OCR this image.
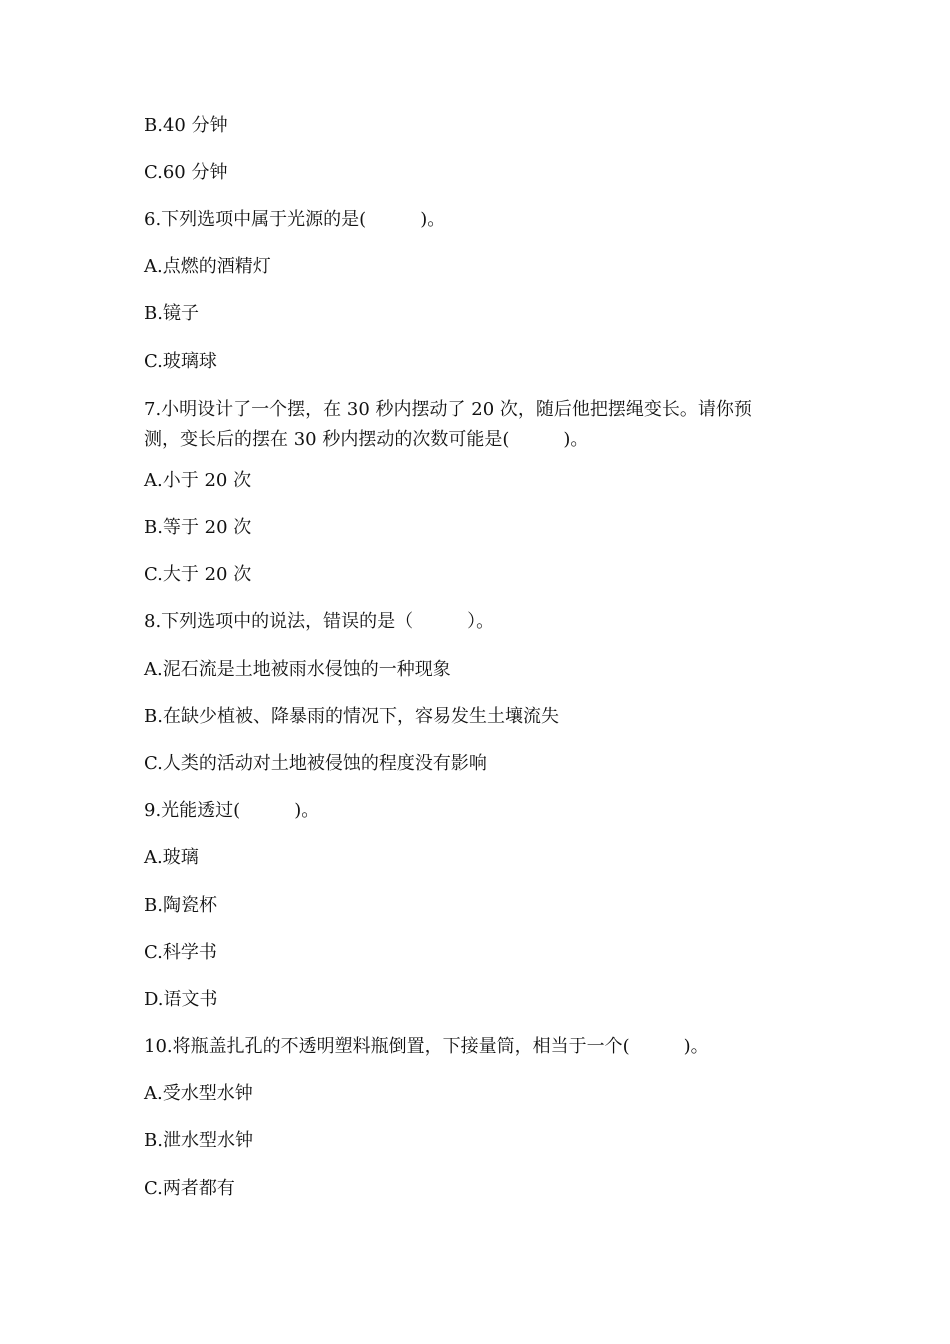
B.40 分钟
C.60 分钟
6.下列选项中属于光源的是(　　　)。
A.点燃的酒精灯
B.镜子
C.玻璃球
7.小明设计了一个摆，在 30 秒内摆动了 20 次，随后他把摆绳变长。请你预
测，变长后的摆在 30 秒内摆动的次数可能是(　　　)。
A.小于 20 次
B.等于 20 次
C.大于 20 次
8.下列选项中的说法，错误的是（　　　）。
A.泥石流是土地被雨水侵蚀的一种现象
B.在缺少植被、降暴雨的情况下，容易发生土壤流失
C.人类的活动对土地被侵蚀的程度没有影响
9.光能透过(　　　)。
A.玻璃
B.陶瓷杯
C.科学书
D.语文书
10.将瓶盖扎孔的不透明塑料瓶倒置，下接量筒，相当于一个(　　　)。
A.受水型水钟
B.泄水型水钟
C.两者都有
